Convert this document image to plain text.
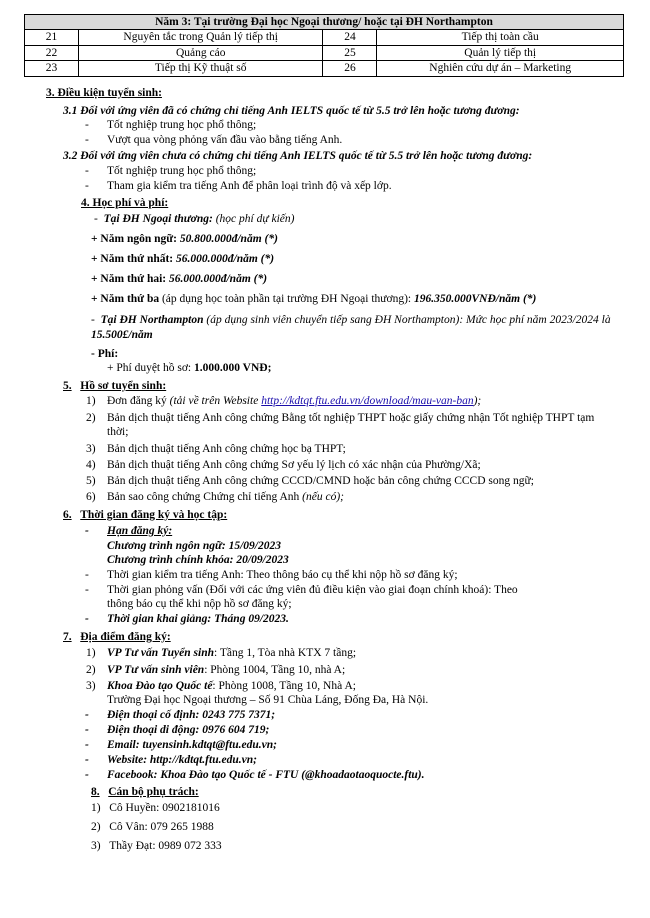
Năm 3: Tại trường Đại học Ngoại thương/ hoặc tại ĐH Northampton			
21	Nguyên tắc trong Quản lý tiếp thị	24	Tiếp thị toàn cầu
22	Quảng cáo	25	Quản lý tiếp thị
23	Tiếp thị Kỹ thuật số	26	Nghiên cứu dự án – Marketing
3. Điều kiện tuyển sinh:
3.1 Đối với ứng viên đã có chứng chỉ tiếng Anh IELTS quốc tế từ 5.5 trở lên hoặc tương đương:
Tốt nghiệp trung học phổ thông;
Vượt qua vòng phỏng vấn đầu vào bằng tiếng Anh.
3.2 Đối với ứng viên chưa có chứng chỉ tiếng Anh IELTS quốc tế từ 5.5 trở lên hoặc tương đương:
Tốt nghiệp trung học phổ thông;
Tham gia kiểm tra tiếng Anh để phân loại trình độ và xếp lớp.
4. Học phí và phí:
-  Tại ĐH Ngoại thương: (học phí dự kiến)
+ Năm ngôn ngữ: 50.800.000đ/năm (*)
+ Năm thứ nhất: 56.000.000đ/năm (*)
+ Năm thứ hai: 56.000.000đ/năm (*)
+ Năm thứ ba (áp dụng học toàn phần tại trường ĐH Ngoại thương): 196.350.000VNĐ/năm (*)
-  Tại ĐH Northampton (áp dụng sinh viên chuyển tiếp sang ĐH Northampton): Mức học phí năm 2023/2024 là
15.500£/năm
- Phí:
+ Phí duyệt hồ sơ: 1.000.000 VNĐ;
5. Hồ sơ tuyển sinh:
1) Đơn đăng ký (tải về trên Website http://kdtqt.ftu.edu.vn/download/mau-van-ban);
2) Bản dịch thuật tiếng Anh công chứng Bằng tốt nghiệp THPT hoặc giấy chứng nhận Tốt nghiệp THPT tạm
thời;
3) Bản dịch thuật tiếng Anh công chứng học bạ THPT;
4) Bản dịch thuật tiếng Anh công chứng Sơ yếu lý lịch có xác nhận của Phường/Xã;
5) Bản dịch thuật tiếng Anh công chứng CCCD/CMND hoặc bản công chứng CCCD song ngữ;
6) Bản sao công chứng Chứng chỉ tiếng Anh (nếu có);
6. Thời gian đăng ký và học tập:
Hạn đăng ký:
Chương trình ngôn ngữ: 15/09/2023
Chương trình chính khóa: 20/09/2023
Thời gian kiểm tra tiếng Anh: Theo thông báo cụ thể khi nộp hồ sơ đăng ký;
Thời gian phỏng vấn (Đối với các ứng viên đủ điều kiện vào giai đoạn chính khoá): Theo
thông báo cụ thể khi nộp hồ sơ đăng ký;
Thời gian khai giảng: Tháng 09/2023.
7. Địa điểm đăng ký:
1) VP Tư vấn Tuyển sinh: Tầng 1, Tòa nhà KTX 7 tầng;
2) VP Tư vấn sinh viên: Phòng 1004, Tầng 10, nhà A;
3) Khoa Đào tạo Quốc tế: Phòng 1008, Tầng 10, Nhà A;
Trường Đại học Ngoại thương – Số 91 Chùa Láng, Đống Đa, Hà Nội.
Điện thoại cố định: 0243 775 7371;
Điện thoại di động: 0976 604 719;
Email: tuyensinh.kdtqt@ftu.edu.vn;
Website: http://kdtqt.ftu.edu.vn;
Facebook: Khoa Đào tạo Quốc tế - FTU (@khoadaotaoquocte.ftu).
8. Cán bộ phụ trách:
1) Cô Huyền: 0902181016
2) Cô Vân: 079 265 1988
3) Thầy Đạt: 0989 072 333
